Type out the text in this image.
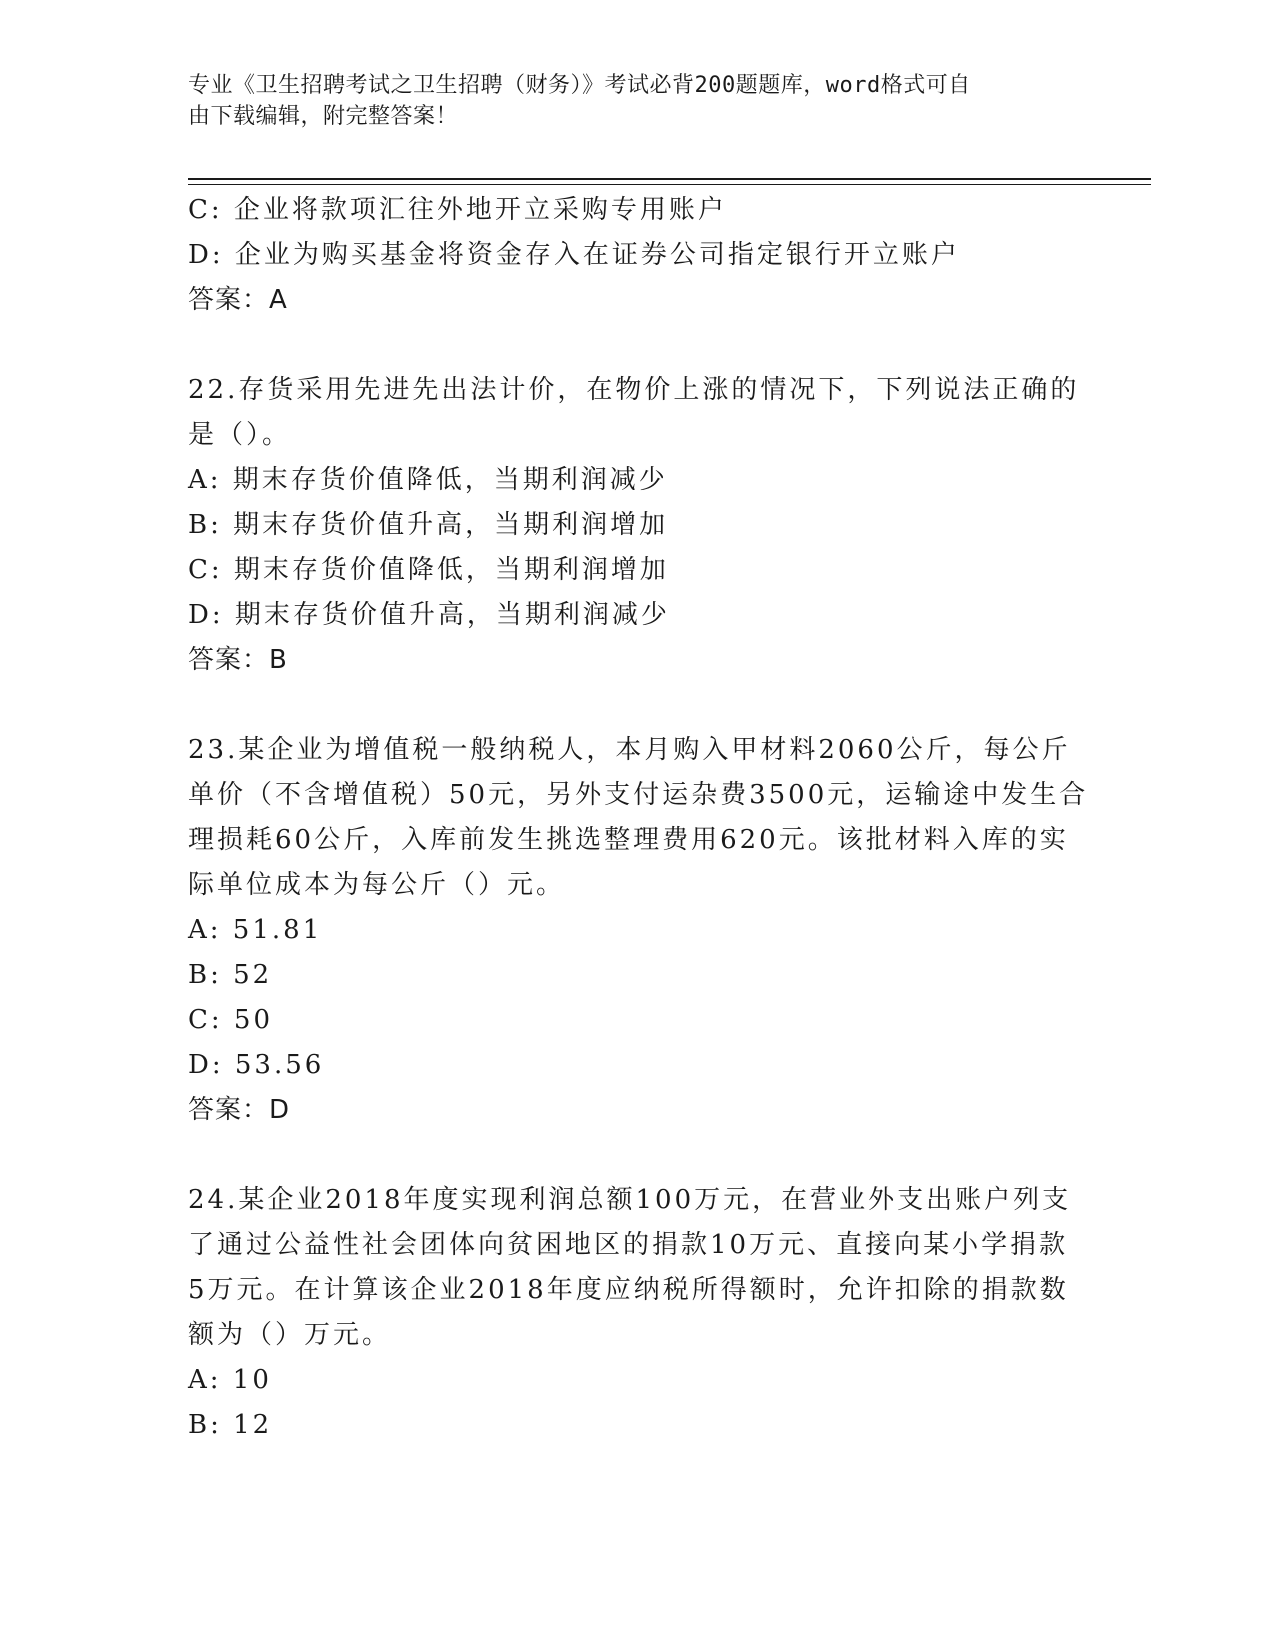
专业《卫生招聘考试之卫生招聘（财务）》考试必背200题题库，word格式可自
由下载编辑，附完整答案！

C: 企业将款项汇往外地开立采购专用账户

D: 企业为购买基金将资金存入在证券公司指定银行开立账户

答案：A

22.存货采用先进先出法计价，在物价上涨的情况下，下列说法正确的

是（）。

A: 期末存货价值降低，当期利润减少

B: 期末存货价值升高，当期利润增加

C: 期末存货价值降低，当期利润增加

D: 期末存货价值升高，当期利润减少

答案：B

23.某企业为增值税一般纳税人，本月购入甲材料2060公斤，每公斤

单价（不含增值税）50元，另外支付运杂费3500元，运输途中发生合

理损耗60公斤，入库前发生挑选整理费用620元。该批材料入库的实

际单位成本为每公斤（）元。

A: 51.81

B: 52

C: 50

D: 53.56

答案：D

24.某企业2018年度实现利润总额100万元，在营业外支出账户列支

了通过公益性社会团体向贫困地区的捐款10万元、直接向某小学捐款

5万元。在计算该企业2018年度应纳税所得额时，允许扣除的捐款数

额为（）万元。

A: 10

B: 12
